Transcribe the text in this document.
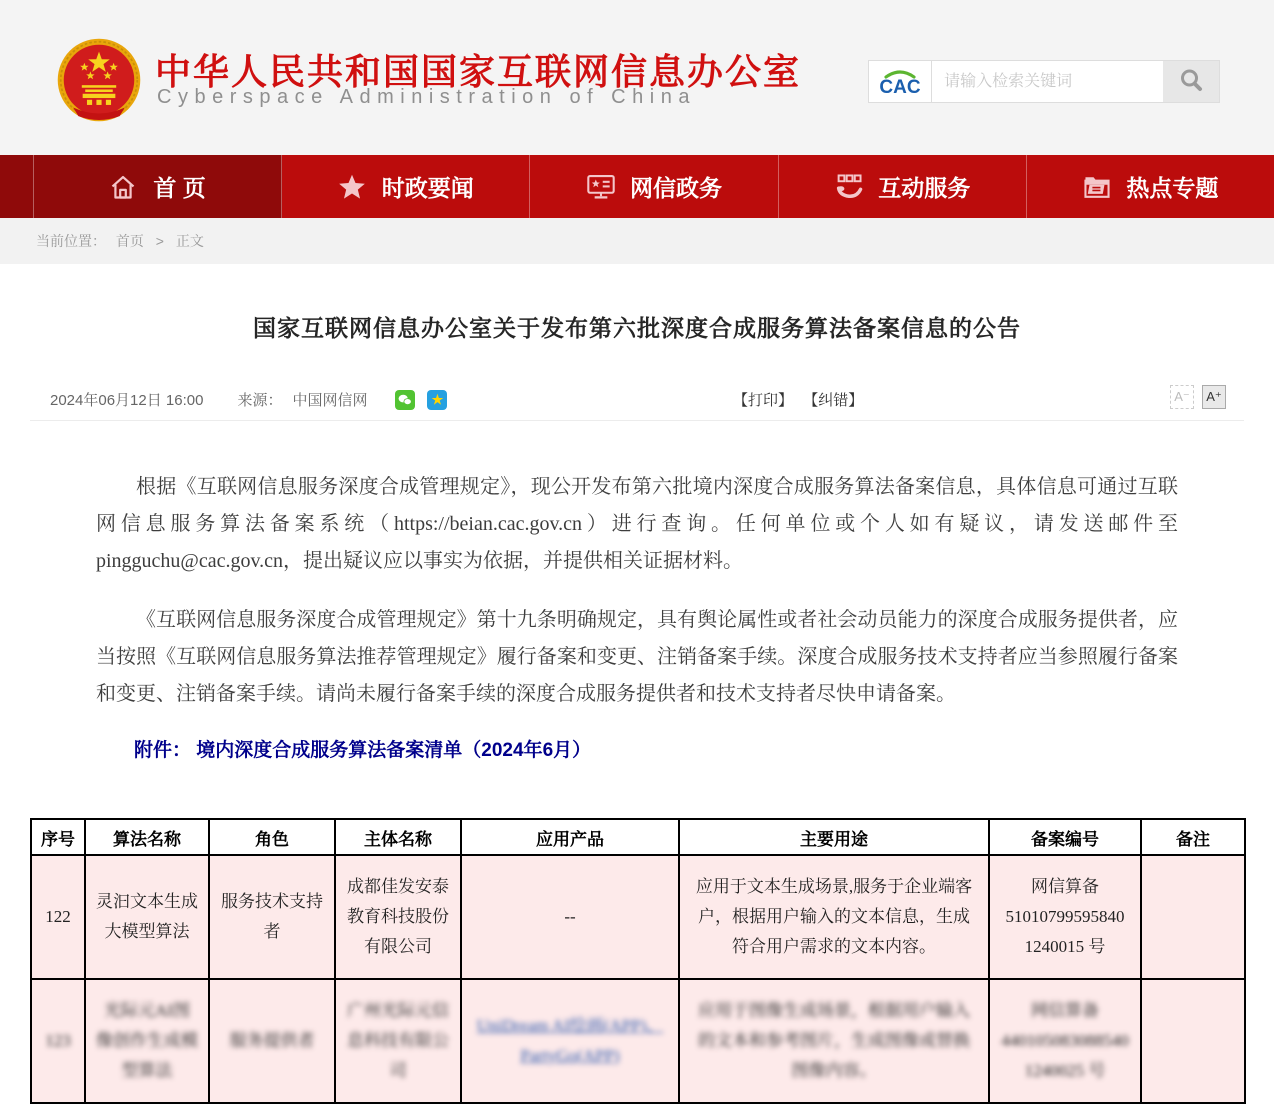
中华人民共和国国家互联网信息办公室
Cyberspace Administration of China	CAC
请输入检索关键词
首 页	时政要闻	网信政务	互动服务	热点专题
当前位置： 首页 > 正文
国家互联网信息办公室关于发布第六批深度合成服务算法备案信息的公告
2024年06月12日 16:00 来源： 中国网信网	★	【打印】 【纠错】	A⁻	A⁺

根据《互联网信息服务深度合成管理规定》，现公开发布第六批境内深度合成服务算法备案信息，具体信息可通过互联网信息服务算法备案系统（https://beian.cac.gov.cn）进行查询。任何单位或个人如有疑议，请发送邮件至pingguchu@cac.gov.cn，提出疑议应以事实为依据，并提供相关证据材料。

《互联网信息服务深度合成管理规定》第十九条明确规定，具有舆论属性或者社会动员能力的深度合成服务提供者，应当按照《互联网信息服务算法推荐管理规定》履行备案和变更、注销备案手续。深度合成服务技术支持者应当参照履行备案和变更、注销备案手续。请尚未履行备案手续的深度合成服务提供者和技术支持者尽快申请备案。

附件： 境内深度合成服务算法备案清单（2024年6月）
序号	算法名称	角色	主体名称	应用产品	主要用途	备案编号	备注
122	灵汩文本生成大模型算法	服务技术支持者	成都佳发安泰教育科技股份有限公司	--	应用于文本生成场景,服务于企业端客户，根据用户输入的文本信息，生成符合用户需求的文本内容。	网信算备
51010799595840
1240015 号	
123	光际元AI图像创作生成模型算法	服务提供者	广州光际元信息科技有限公司	UniDream AI绘画(APP)、
PartyGo(APP)	应用于图像生成场景，根据用户输入的文本和参考图片，生成图像或替换图像内容。	网信算备
440105083088540
1240025 号	
